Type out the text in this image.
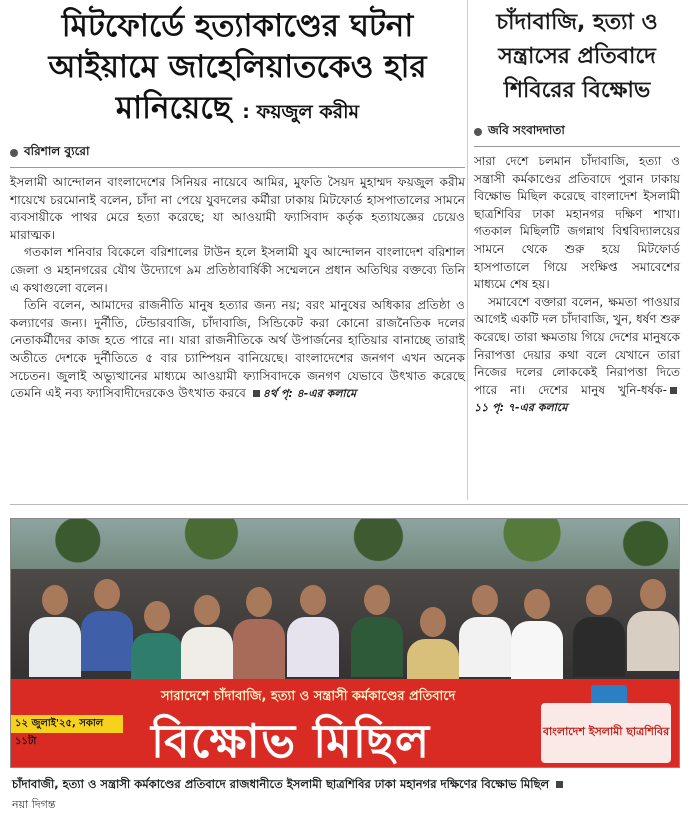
মিটফোর্ডে হত্যাকাণ্ডের ঘটনা আইয়ামে জাহেলিয়াতকেও হার মানিয়েছে : ফয়জুল করীম
বরিশাল ব্যুরো

ইসলামী আন্দোলন বাংলাদেশের সিনিয়র নায়েবে আমির, মুফতি সৈয়দ মুহাম্মদ ফয়জুল করীম শায়েখে চরমোনাই বলেন, চাঁদা না পেয়ে যুবদলের কর্মীরা ঢাকায় মিটফোর্ড হাসপাতালের সামনে ব্যবসায়ীকে পাথর মেরে হত্যা করেছে; যা আওয়ামী ফ্যাসিবাদ কর্তৃক হত্যাযজ্ঞের চেয়েও মারাত্মক।

গতকাল শনিবার বিকেলে বরিশালের টাউন হলে ইসলামী যুব আন্দোলন বাংলাদেশ বরিশাল জেলা ও মহানগরের যৌথ উদ্যোগে ৯ম প্রতিষ্ঠাবার্ষিকী সম্মেলনে প্রধান অতিথির বক্তব্যে তিনি এ কথাগুলো বলেন।

তিনি বলেন, আমাদের রাজনীতি মানুষ হত্যার জন্য নয়; বরং মানুষের অধিকার প্রতিষ্ঠা ও কল্যাণের জন্য। দুর্নীতি, টেন্ডারবাজি, চাঁদাবাজি, সিন্ডিকেট করা কোনো রাজনৈতিক দলের নেতাকর্মীদের কাজ হতে পারে না। যারা রাজনীতিকে অর্থ উপার্জনের হাতিয়ার বানাচ্ছে তারাই অতীতে দেশকে দুর্নীতিতে ৫ বার চ্যাম্পিয়ন বানিয়েছে। বাংলাদেশের জনগণ এখন অনেক সচেতন। জুলাই অভ্যুত্থানের মাধ্যমে আওয়ামী ফ্যাসিবাদকে জনগণ যেভাবে উৎখাত করেছে তেমনি এই নব্য ফ্যাসিবাদীদেরকেও উৎখাত করবে ৪র্থ পৃ: ৪-এর কলামে

চাঁদাবাজি, হত্যা ও সন্ত্রাসের প্রতিবাদে শিবিরের বিক্ষোভ
জবি সংবাদদাতা

সারা দেশে চলমান চাঁদাবাজি, হত্যা ও সন্ত্রাসী কর্মকাণ্ডের প্রতিবাদে পুরান ঢাকায় বিক্ষোভ মিছিল করেছে বাংলাদেশ ইসলামী ছাত্রশিবির ঢাকা মহানগর দক্ষিণ শাখা। গতকাল মিছিলটি জগন্নাথ বিশ্ববিদ্যালয়ের সামনে থেকে শুরু হয়ে মিটফোর্ড হাসপাতালে গিয়ে সংক্ষিপ্ত সমাবেশের মাধ্যমে শেষ হয়।

সমাবেশে বক্তারা বলেন, ক্ষমতা পাওয়ার আগেই একটি দল চাঁদাবাজি, খুন, ধর্ষণ শুরু করেছে। তারা ক্ষমতায় গিয়ে দেশের মানুষকে নিরাপত্তা দেয়ার কথা বলে যেখানে তারা নিজের দলের লোককেই নিরাপত্তা দিতে পারে না। দেশের মানুষ খুনি-ধর্ষক-১১ পৃ: ৭-এর কলামে

সারাদেশে চাঁদাবাজি, হত্যা ও সন্ত্রাসী কর্মকাণ্ডের প্রতিবাদে
১২ জুলাই'২৫, সকাল ১১টা	বিক্ষোভ মিছিল	বাংলাদেশ ইসলামী ছাত্রশিবির
চাঁদাবাজী, হত্যা ও সন্ত্রাসী কর্মকাণ্ডের প্রতিবাদে রাজধানীতে ইসলামী ছাত্রশিবির ঢাকা মহানগর দক্ষিণের বিক্ষোভ মিছিল
নয়া দিগন্ত
